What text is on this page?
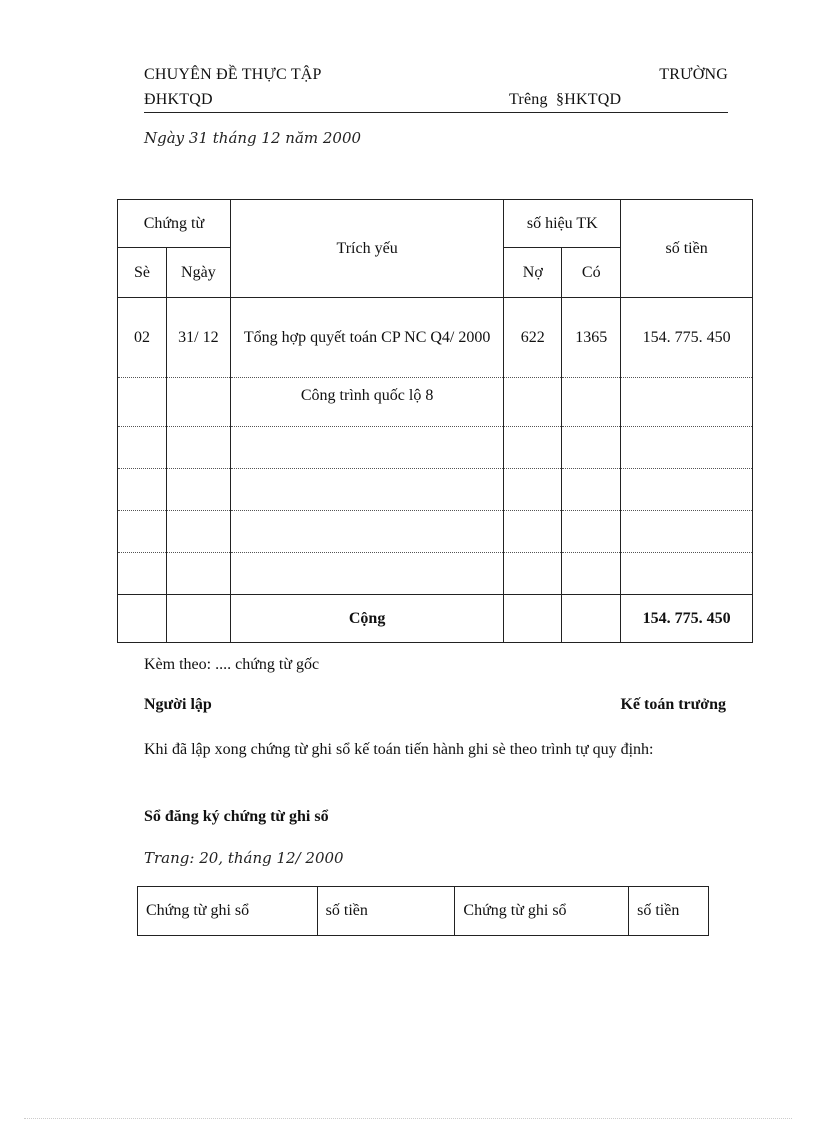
CHUYÊN ĐỀ THỰC TẬP	TRƯỜNG
ĐHKTQD	Trêng  §HKTQD
Ngày 31 tháng 12 năm 2000
Chứng từ		Trích yếu	số hiệu TK		số tiền
Sè	Ngày		Nợ	Có	
02	31/ 12	Tổng hợp quyết toán CP NC Q4/ 2000	622	1365	154. 775. 450
		Công trình quốc lộ 8			

		Cộng			154. 775. 450
Kèm theo: .... chứng từ gốc
Người lập	Kế toán trưởng
Khi đã lập xong chứng từ ghi sổ kế toán tiến hành ghi sè theo trình tự quy định:
Sổ đăng ký chứng từ ghi sổ
Trang: 20, tháng 12/ 2000
Chứng từ ghi sổ	số tiền	Chứng từ ghi sổ	số tiền
